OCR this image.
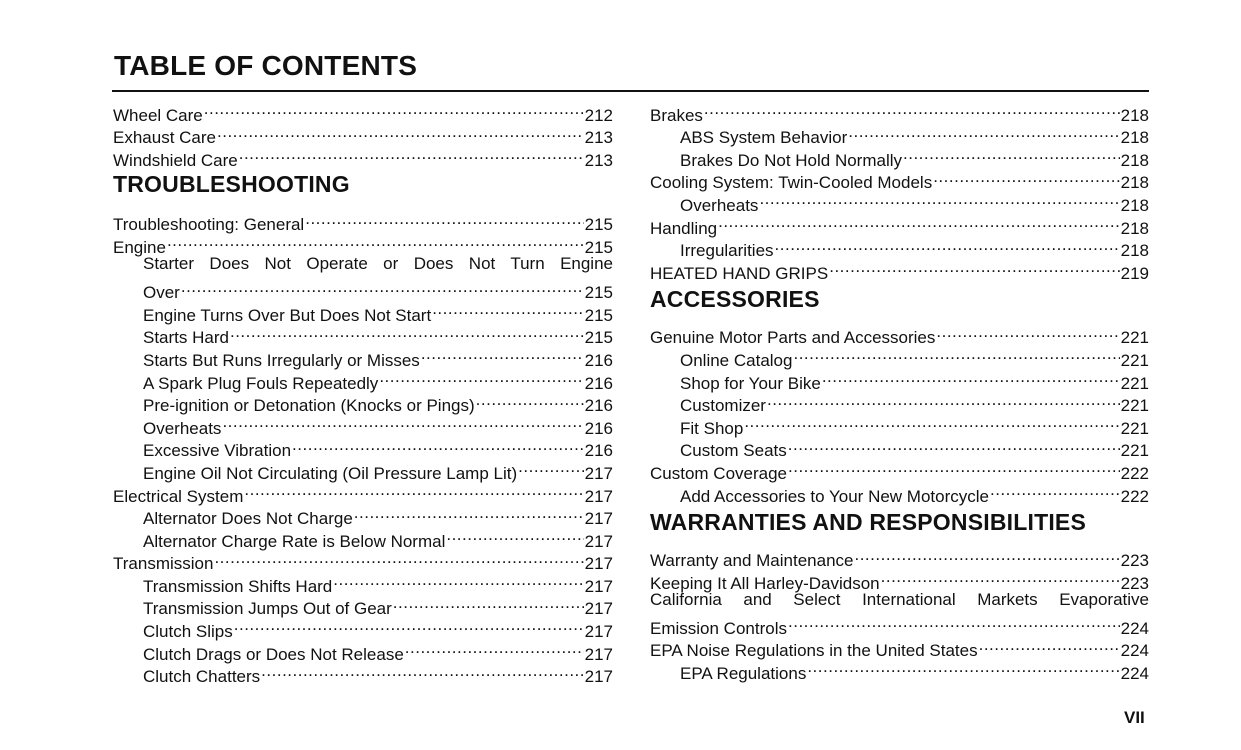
TABLE OF CONTENTS
Wheel Care .....	212
Exhaust Care .....	213
Windshield Care .....	213
TROUBLESHOOTING
Troubleshooting: General .....	215
Engine .....	215
Starter Does Not Operate or Does Not Turn Engine
Over .....	215
Engine Turns Over But Does Not Start .....	215
Starts Hard .....	215
Starts But Runs Irregularly or Misses .....	216
A Spark Plug Fouls Repeatedly .....	216
Pre-ignition or Detonation (Knocks or Pings) .....	216
Overheats .....	216
Excessive Vibration .....	216
Engine Oil Not Circulating (Oil Pressure Lamp Lit) .....	217
Electrical System .....	217
Alternator Does Not Charge .....	217
Alternator Charge Rate is Below Normal .....	217
Transmission .....	217
Transmission Shifts Hard .....	217
Transmission Jumps Out of Gear .....	217
Clutch Slips .....	217
Clutch Drags or Does Not Release .....	217
Clutch Chatters .....	217
Brakes .....	218
ABS System Behavior .....	218
Brakes Do Not Hold Normally .....	218
Cooling System: Twin-Cooled Models .....	218
Overheats .....	218
Handling .....	218
Irregularities .....	218
HEATED HAND GRIPS .....	219
ACCESSORIES
Genuine Motor Parts and Accessories .....	221
Online Catalog .....	221
Shop for Your Bike .....	221
Customizer .....	221
Fit Shop .....	221
Custom Seats .....	221
Custom Coverage .....	222
Add Accessories to Your New Motorcycle .....	222
WARRANTIES AND RESPONSIBILITIES
Warranty and Maintenance .....	223
Keeping It All Harley-Davidson .....	223
California and Select International Markets Evaporative
Emission Controls .....	224
EPA Noise Regulations in the United States .....	224
EPA Regulations .....	224
VII
